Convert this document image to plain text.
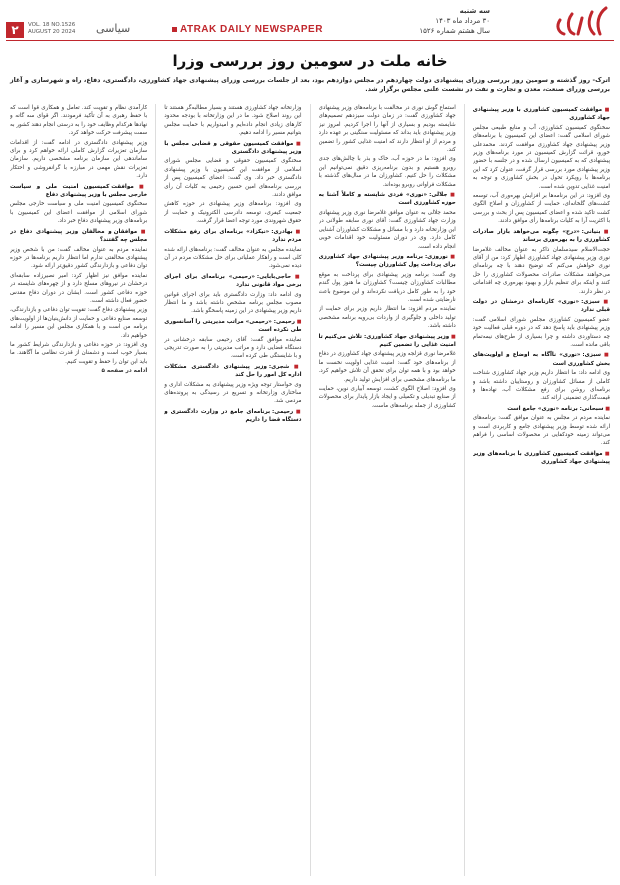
سه شنبه
۳۰ مرداد ماه ۱۴۰۳
سال هشتم شماره ۱۵۲۶
۲	VOL. 18 NO.1526
AUGUST 20 2024 سیاسی	ATRAK DAILY NEWSPAPER
خانه ملت در سومین روز بررسی وزرا
اترک- روز گذشته و سومین روز بررسی وزرای پیشنهادی دولت چهاردهم در مجلس دوازدهم بود، بعد از جلسات بررسی وزرای پیشنهادی جهاد کشاورزی، دادگستری، دفاع، راه و شهرسازی و آغاز بررسی وزرای صنعت، معدن و تجارت و نفت در نشست علنی مجلس برگزار شد.
■ موافقت کمیسیون کشاورزی با وزیر پیشنهادی جهاد کشاورزی

سخنگوی کمیسیون کشاورزی، آب و منابع طبیعی مجلس شورای اسلامی گفت: اعضای این کمیسیون با برنامه‌های وزیر پیشنهادی جهاد کشاورزی موافقت کردند. محمدعلی خورو، قرائت گزارش کمیسیون در مورد برنامه‌های وزیر پیشنهادی که به کمیسیون ارسال شده و در جلسه با حضور وزیر پیشنهادی مورد بررسی قرار گرفت، عنوان کرد که این برنامه‌ها با رویکرد تحول در بخش کشاورزی و توجه به امنیت غذایی تدوین شده است.

وی افزود: در این برنامه‌ها بر افزایش بهره‌وری آب، توسعه کشت‌های گلخانه‌ای، حمایت از کشاورزان و اصلاح الگوی کشت تاکید شده و اعضای کمیسیون پس از بحث و بررسی با اکثریت آرا به کلیات برنامه‌ها رأی موافق دادند.

■ بنیانی: «درج» چگونه می‌خواهد بازار صادرات کشاورزی را به بهره‌وری برساند

حجت‌الاسلام سیدسلمان ذاکر به عنوان مخالف غلامرضا نوری وزیر پیشنهادی جهاد کشاورزی اظهار کرد: من از آقای نوری خواهش می‌کنم که توضیح دهند با چه برنامه‌ای می‌خواهند مشکلات صادرات محصولات کشاورزی را حل کنند و اینکه برای تنظیم بازار و بهبود بهره‌وری چه اقداماتی در نظر دارند.

■ سبزی: «نوری» کارنامه‌ای درخشان در دولت قبلی ندارد

عضو کمیسیون کشاورزی مجلس شورای اسلامی گفت: وزیر پیشنهادی باید پاسخ دهد که در دوره قبلی فعالیت خود چه دستاوردی داشته و چرا بسیاری از طرح‌های نیمه‌تمام باقی مانده است.

■ سبزی: «نوری» ناآگاه به اوضاع و اولویت‌های بخش کشاورزی است

وی ادامه داد: ما انتظار داریم وزیر جهاد کشاورزی شناخت کاملی از مسائل کشاورزان و روستاییان داشته باشد و برنامه‌ای روشن برای رفع مشکلات آب، نهاده‌ها و قیمت‌گذاری تضمینی ارائه کند.

■ سبحانی: برنامه «نوری» جامع است

نماینده مردم در مجلس به عنوان موافق گفت: برنامه‌های ارائه شده توسط وزیر پیشنهادی جامع و کاربردی است و می‌تواند زمینه خودکفایی در محصولات اساسی را فراهم کند.

■ موافقت کمیسیون کشاورزی با برنامه‌های وزیر پیشنهادی جهاد کشاورزی

استماع گوش نوری در مخالفت با برنامه‌های وزیر پیشنهادی جهاد کشاورزی گفت: در زمان دولت سیزدهم تصمیم‌های شایسته بودیم و بسیاری از آنها را اجرا کردیم. امروز نیز وزیر پیشنهادی باید بداند که مسئولیت سنگینی بر عهده دارد و مردم از او انتظار دارند که امنیت غذایی کشور را تضمین کند.

وی افزود: ما در حوزه آب، خاک و بذر با چالش‌های جدی روبرو هستیم و بدون برنامه‌ریزی دقیق نمی‌توانیم این مشکلات را حل کنیم. کشاورزان ما در سال‌های گذشته با مشکلات فراوانی روبرو بوده‌اند.

■ جلالی: «نوری» فردی شایسته و کاملاً آشنا به حوزه کشاورزی است

محمد جلالی به عنوان موافق غلامرضا نوری وزیر پیشنهادی وزارت جهاد کشاورزی گفت: آقای نوری سابقه طولانی در این وزارتخانه دارد و با مسائل و مشکلات کشاورزان آشنایی کامل دارد. وی در دوران مسئولیت خود اقدامات خوبی انجام داده است.

■ نوروزی: برنامه وزیر پیشنهادی جهاد کشاورزی برای پرداخت پول کشاورزان چیست؟

وی گفت: برنامه وزیر پیشنهادی برای پرداخت به موقع مطالبات کشاورزان چیست؟ کشاورزان ما هنوز پول گندم خود را به طور کامل دریافت نکرده‌اند و این موضوع باعث نارضایتی شده است.

نماینده مردم افزود: ما انتظار داریم وزیر برای حمایت از تولید داخلی و جلوگیری از واردات بی‌رویه برنامه مشخصی داشته باشد.

■ وزیر پیشنهادی جهاد کشاورزی: تلاش می‌کنیم تا امنیت غذایی را تضمین کنیم

غلامرضا نوری قزلجه وزیر پیشنهادی جهاد کشاورزی در دفاع از برنامه‌های خود گفت: امنیت غذایی اولویت نخست ما خواهد بود و با همه توان برای تحقق آن تلاش خواهیم کرد. ما برنامه‌های مشخصی برای افزایش تولید داریم.

وی افزود: اصلاح الگوی کشت، توسعه آبیاری نوین، حمایت از صنایع تبدیلی و تکمیلی و ایجاد بازار پایدار برای محصولات کشاورزی از جمله برنامه‌های ماست.

وزارتخانه جهاد کشاورزی هستند و بسیار مطالبه‌گر هستند تا این روند اصلاح شود. ما در این وزارتخانه با بودجه محدود کارهای زیادی انجام داده‌ایم و امیدواریم با حمایت مجلس بتوانیم مسیر را ادامه دهیم.

■ موافقت کمیسیون حقوقی و قضایی مجلس با وزیر پیشنهادی دادگستری

سخنگوی کمیسیون حقوقی و قضایی مجلس شورای اسلامی از موافقت این کمیسیون با وزیر پیشنهادی دادگستری خبر داد. وی گفت: اعضای کمیسیون پس از بررسی برنامه‌های امین حسین رحیمی به کلیات آن رأی موافق دادند.

وی افزود: برنامه‌های وزیر پیشنهادی در حوزه کاهش جمعیت کیفری، توسعه دادرسی الکترونیک و حمایت از حقوق شهروندی مورد توجه اعضا قرار گرفت.

■ بهادری: «نیکزاد» برنامه‌ای برای رفع مشکلات مردم ندارد

نماینده مجلس به عنوان مخالف گفت: برنامه‌های ارائه شده کلی است و راهکار عملیاتی برای حل مشکلات مردم در آن دیده نمی‌شود.

■ حاجی‌بابایی: «رحیمی» برنامه‌ای برای اجرای برخی مواد قانونی ندارد

وی ادامه داد: وزارت دادگستری باید برای اجرای قوانین مصوب مجلس برنامه مشخص داشته باشد و ما انتظار داریم وزیر پیشنهادی در این زمینه پاسخگو باشد.

■ رحیمی: «رحیمی» مراتب مدیریتی را آسانسوری طی نکرده است

نماینده موافق گفت: آقای رحیمی سابقه درخشانی در دستگاه قضایی دارد و مراتب مدیریتی را به صورت تدریجی و با شایستگی طی کرده است.

■ شجری: وزیر پیشنهادی دادگستری مشکلات اداره کل امور را حل کند

وی خواستار توجه ویژه وزیر پیشنهادی به مشکلات اداری و ساختاری وزارتخانه و تسریع در رسیدگی به پرونده‌های مردمی شد.

■ رحیمی: برنامه‌ای جامع در وزارت دادگستری و دستگاه قضا را داریم

کارآمدی نظام و تقویت کند. تعامل و همکاری قوا است که با حفظ رهبری به آن تأکید فرمودند. اگر قوای سه گانه و نهادها هرکدام وظایف خود را به درستی انجام دهند کشور به سمت پیشرفت حرکت خواهد کرد.

وزیر پیشنهادی دادگستری در ادامه گفت: از اقدامات سازمان تعزیرات گزارش کاملی ارائه خواهم کرد و برای ساماندهی این سازمان برنامه مشخصی داریم. سازمان تعزیرات نقش مهمی در مبارزه با گرانفروشی و احتکار دارد.

■ موافقت کمیسیون امنیت ملی و سیاست خارجی مجلس با وزیر پیشنهادی دفاع

سخنگوی کمیسیون امنیت ملی و سیاست خارجی مجلس شورای اسلامی از موافقت اعضای این کمیسیون با برنامه‌های وزیر پیشنهادی دفاع خبر داد.

■ موافقان و مخالفان وزیر پیشنهادی دفاع در مجلس چه گفتند؟

نماینده مردم به عنوان مخالف گفت: من با شخص وزیر پیشنهادی مخالفتی ندارم اما انتظار داریم برنامه‌ها در حوزه توان دفاعی و بازدارندگی کشور دقیق‌تر ارائه شود.

نماینده موافق نیز اظهار کرد: امیر نصیرزاده سابقه‌ای درخشان در نیروهای مسلح دارد و از چهره‌های شایسته در حوزه دفاعی کشور است. ایشان در دوران دفاع مقدس حضور فعال داشته است.

وزیر پیشنهادی دفاع گفت: تقویت توان دفاعی و بازدارندگی، توسعه صنایع دفاعی و حمایت از دانش‌بنیان‌ها از اولویت‌های برنامه من است و با همکاری مجلس این مسیر را ادامه خواهیم داد.

وی افزود: در حوزه دفاعی و بازدارندگی شرایط کشور ما بسیار خوب است و دشمنان از قدرت نظامی ما آگاهند. ما باید این توان را حفظ و تقویت کنیم.

ادامه در صفحه ۵
